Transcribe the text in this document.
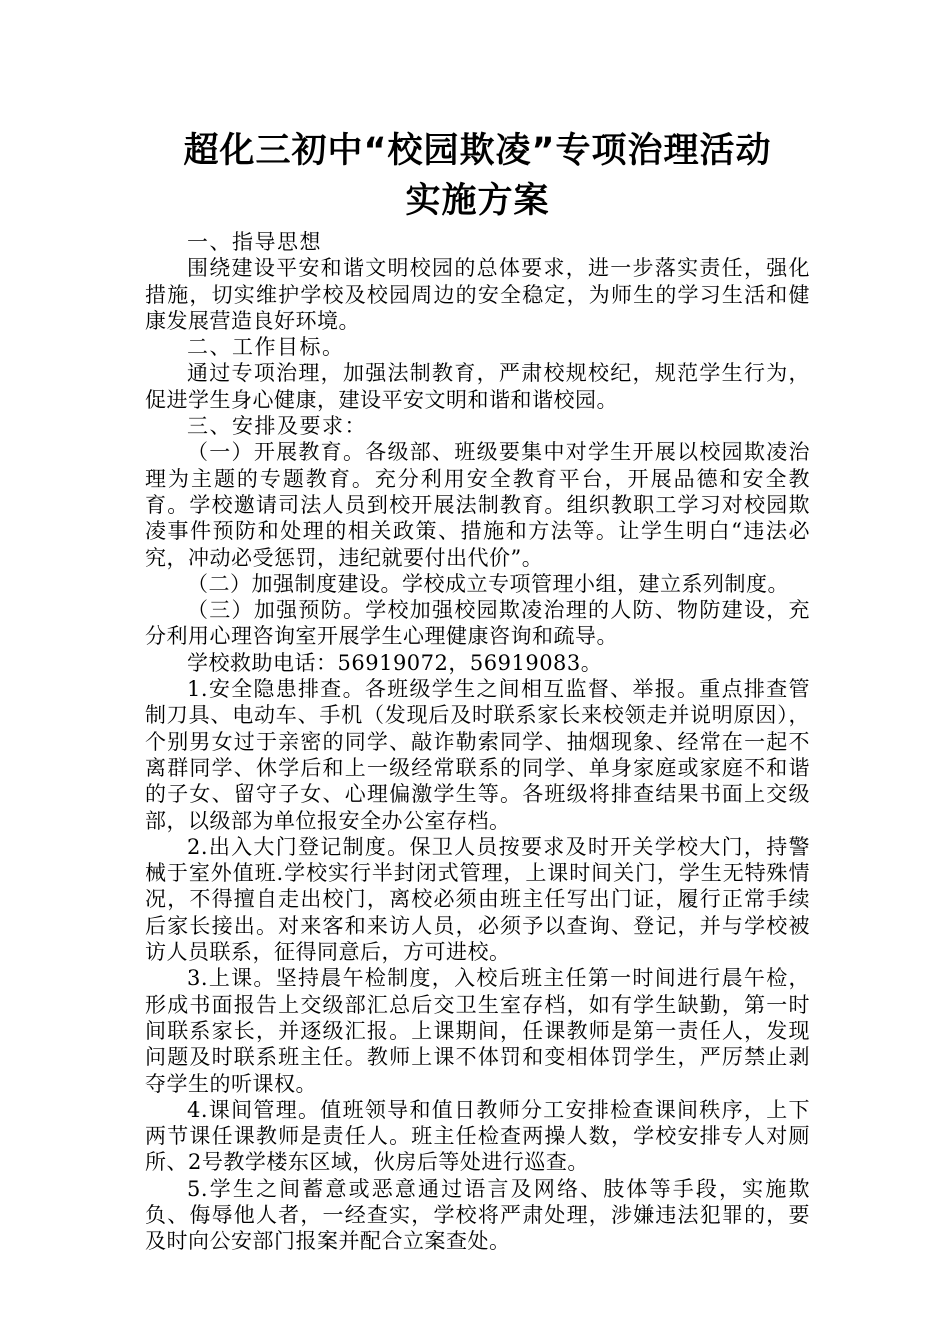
超化三初中“校园欺凌”专项治理活动
实施方案

一、指导思想

围绕建设平安和谐文明校园的总体要求，进一步落实责任，强化措施，切实维护学校及校园周边的安全稳定，为师生的学习生活和健康发展营造良好环境。

二、工作目标。

通过专项治理，加强法制教育，严肃校规校纪，规范学生行为，促进学生身心健康，建设平安文明和谐和谐校园。

三、安排及要求：

（一）开展教育。各级部、班级要集中对学生开展以校园欺凌治理为主题的专题教育。充分利用安全教育平台，开展品德和安全教育。学校邀请司法人员到校开展法制教育。组织教职工学习对校园欺凌事件预防和处理的相关政策、措施和方法等。让学生明白“违法必究，冲动必受惩罚，违纪就要付出代价”。

（二）加强制度建设。学校成立专项管理小组，建立系列制度。

（三）加强预防。学校加强校园欺凌治理的人防、物防建设，充分利用心理咨询室开展学生心理健康咨询和疏导。

学校救助电话：56919072，56919083。

1.安全隐患排查。各班级学生之间相互监督、举报。重点排查管制刀具、电动车、手机（发现后及时联系家长来校领走并说明原因），个别男女过于亲密的同学、敲诈勒索同学、抽烟现象、经常在一起不离群同学、休学后和上一级经常联系的同学、单身家庭或家庭不和谐的子女、留守子女、心理偏激学生等。各班级将排查结果书面上交级部，以级部为单位报安全办公室存档。

2.出入大门登记制度。保卫人员按要求及时开关学校大门，持警械于室外值班.学校实行半封闭式管理，上课时间关门，学生无特殊情况，不得擅自走出校门，离校必须由班主任写出门证，履行正常手续后家长接出。对来客和来访人员，必须予以查询、登记，并与学校被访人员联系，征得同意后，方可进校。

3.上课。坚持晨午检制度，入校后班主任第一时间进行晨午检，形成书面报告上交级部汇总后交卫生室存档，如有学生缺勤，第一时间联系家长，并逐级汇报。上课期间，任课教师是第一责任人，发现问题及时联系班主任。教师上课不体罚和变相体罚学生，严厉禁止剥夺学生的听课权。

4.课间管理。值班领导和值日教师分工安排检查课间秩序，上下两节课任课教师是责任人。班主任检查两操人数，学校安排专人对厕所、2号教学楼东区域，伙房后等处进行巡查。

5.学生之间蓄意或恶意通过语言及网络、肢体等手段，实施欺负、侮辱他人者，一经查实，学校将严肃处理，涉嫌违法犯罪的，要及时向公安部门报案并配合立案查处。
